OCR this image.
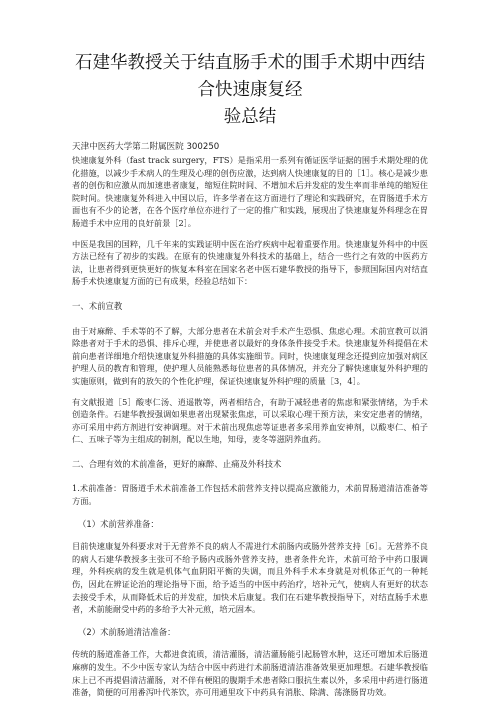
石建华教授关于结直肠手术的围手术期中西结合快速康复经
验总结
天津中医药大学第二附属医院 300250

快速康复外科（fast track surgery，FTS）是指采用一系列有循证医学证据的围手术期处理的优化措施，以减少手术病人的生理及心理的创伤应激，达到病人快速康复的目的［1］。核心是减少患者的创伤和应激从而加速患者康复，缩短住院时间、不增加术后并发症的发生率而非单纯的缩短住院时间。快速康复外科进入中国以后，许多学者在这方面进行了理论和实践研究，在胃肠道手术方面也有不少的论著，在各个医疗单位亦进行了一定的推广和实践，展现出了快速康复外科理念在胃肠道手术中应用的良好前景［2］。

中医是我国的国粹，几千年来的实践证明中医在治疗疾病中起着重要作用。快速康复外科中的中医方法已经有了初步的实践。在原有的快速康复外科技术的基础上，结合一些行之有效的中医药方法，让患者得到更快更好的恢复本科室在国家名老中医石建华教授的指导下，参照国际国内对结直肠手术快速康复方面的已有成果，经验总结如下：

一、术前宣教

由于对麻醉、手术等的不了解，大部分患者在术前会对手术产生恐惧、焦虑心理。术前宣教可以消除患者对于手术的恐惧、排斥心理，并使患者以最好的身体条件接受手术。快速康复外科提倡在术前向患者详细地介绍快速康复外科措施的具体实施细节。同时，快速康复理念还提到应加强对病区护理人员的教育和管理，使护理人员能熟悉每位患者的具体情况，并充分了解快速康复外科护理的实施原则，做到有的放矢的个性化护理，保证快速康复外科护理的质量［3，4］。

有文献报道［5］酸枣仁汤、逍遥散等，两者相结合，有助于减轻患者的焦虑和紧张情绪，为手术创造条件。石建华教授强调如果患者出现紧张焦虑，可以采取心理干预方法，来安定患者的情绪，亦可采用中药方剂进行安神调理。对于术前出现焦虑等证患者多采用养血安神剂，以酸枣仁、柏子仁、五味子等为主组成的制剂，配以生地，知母，麦冬等滋阴养血药。

二、合理有效的术前准备，更好的麻醉、止痛及外科技术

1.术前准备：胃肠道手术术前准备工作包括术前营养支持以提高应激能力，术前胃肠道清洁准备等方面。

（1）术前营养准备：

目前快速康复外科要求对于无营养不良的病人不需进行术前肠内或肠外营养支持［6］。无营养不良的病人石建华教授多主张可不给予肠内或肠外营养支持，患者条件允许，术前可给予中药口服调理，外科疾病的发生就是机体气血阴阳平衡的失调，而且外科手术本身就是对机体正气的一种耗伤，因此在辨证论治的理论指导下面，给予适当的中医中药治疗，培补元气，使病人有更好的状态去接受手术，从而降低术后的并发症，加快术后康复。我们在石建华教授指导下，对结直肠手术患者，术前能耐受中药的多给予大补元煎，培元固本。

（2）术前肠道清洁准备：

传统的肠道准备工作，大都进食流质，清洁灌肠，清洁灌肠能引起肠管水肿，这还可增加术后肠道麻痹的发生。不少中医专家认为结合中医中药进行术前肠道清洁准备效果更加理想。石建华教授临床上已不再提倡清洁灌肠，对不伴有梗阻的腹期手术患者除口服抗生素以外，多采用中药进行肠道准备，简便的可用番泻叶代茶饮，亦可用通里攻下中药具有消胀、除满、荡涤肠胃功效。
